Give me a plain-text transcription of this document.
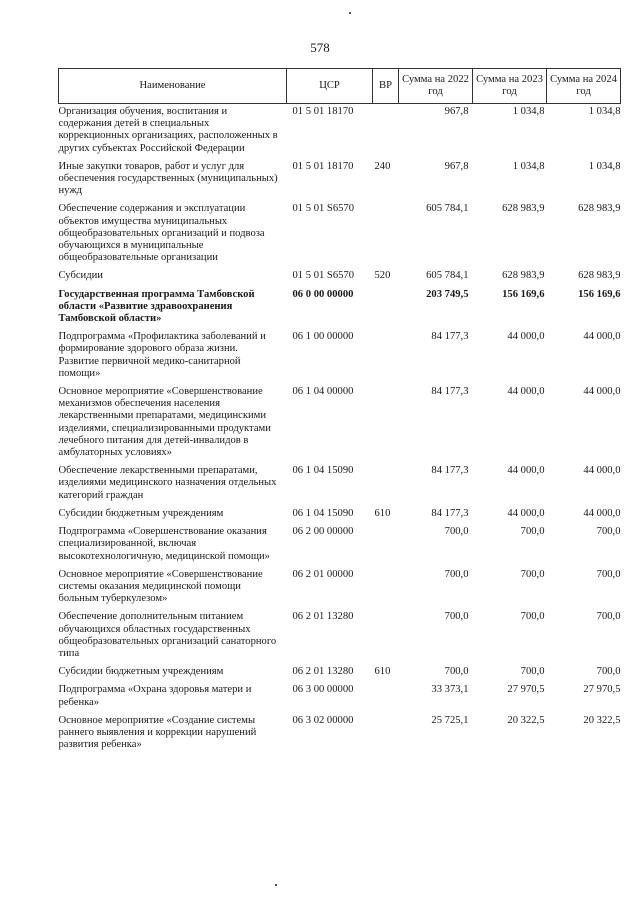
578
Наименование	ЦСР	ВР	Сумма на 2022 год	Сумма на 2023 год	Сумма на 2024 год
Организация обучения, воспитания и содержания детей в специальных коррекционных организациях, расположенных в других субъектах Российской Федерации	01 5 01 18170		967,8	1 034,8	1 034,8
Иные закупки товаров, работ и услуг для обеспечения государственных (муниципальных) нужд	01 5 01 18170	240	967,8	1 034,8	1 034,8
Обеспечение содержания и эксплуатации объектов имущества муниципальных общеобразовательных организаций и подвоза обучающихся в муниципальные общеобразовательные организации	01 5 01 S6570		605 784,1	628 983,9	628 983,9
Субсидии	01 5 01 S6570	520	605 784,1	628 983,9	628 983,9
Государственная программа Тамбовской области «Развитие здравоохранения Тамбовской области»	06 0 00 00000		203 749,5	156 169,6	156 169,6
Подпрограмма «Профилактика заболеваний и формирование здорового образа жизни. Развитие первичной медико-санитарной помощи»	06 1 00 00000		84 177,3	44 000,0	44 000,0
Основное мероприятие «Совершенствование механизмов обеспечения населения лекарственными препаратами, медицинскими изделиями, специализированными продуктами лечебного питания для детей-инвалидов в амбулаторных условиях»	06 1 04 00000		84 177,3	44 000,0	44 000,0
Обеспечение лекарственными препаратами, изделиями медицинского назначения отдельных категорий граждан	06 1 04 15090		84 177,3	44 000,0	44 000,0
Субсидии бюджетным учреждениям	06 1 04 15090	610	84 177,3	44 000,0	44 000,0
Подпрограмма «Совершенствование оказания специализированной, включая высокотехнологичную, медицинской помощи»	06 2 00 00000		700,0	700,0	700,0
Основное мероприятие «Совершенствование системы оказания медицинской помощи больным туберкулезом»	06 2 01 00000		700,0	700,0	700,0
Обеспечение дополнительным питанием обучающихся областных государственных общеобразовательных организаций санаторного типа	06 2 01 13280		700,0	700,0	700,0
Субсидии бюджетным учреждениям	06 2 01 13280	610	700,0	700,0	700,0
Подпрограмма «Охрана здоровья матери и ребенка»	06 3 00 00000		33 373,1	27 970,5	27 970,5
Основное мероприятие «Создание системы раннего выявления и коррекции нарушений развития ребенка»	06 3 02 00000		25 725,1	20 322,5	20 322,5
